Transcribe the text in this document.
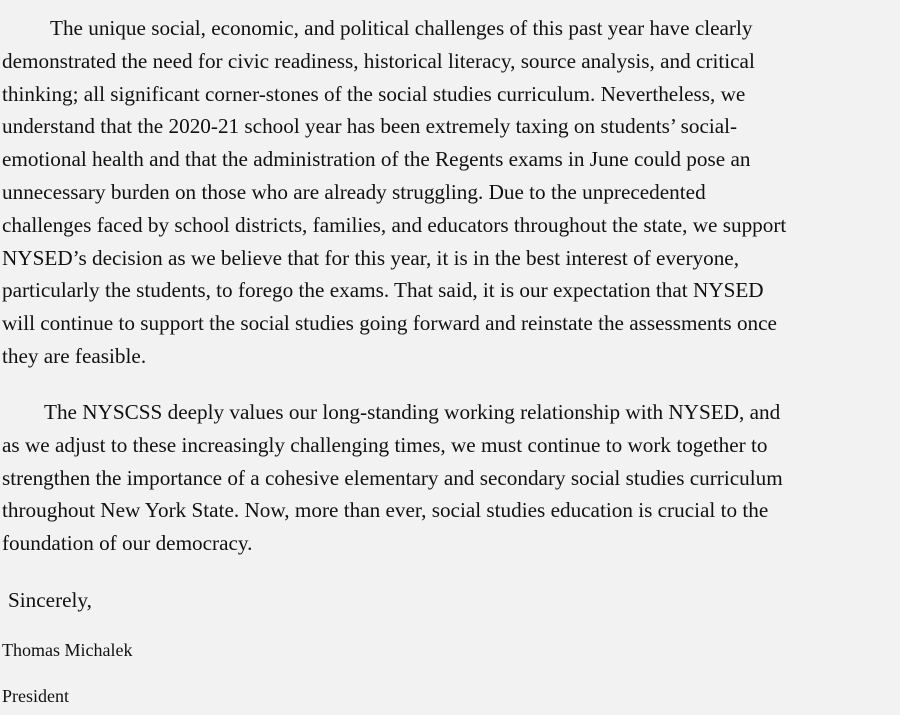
The unique social, economic, and political challenges of this past year have clearly
demonstrated the need for civic readiness, historical literacy, source analysis, and critical
thinking; all significant corner-stones of the social studies curriculum. Nevertheless, we
understand that the 2020-21 school year has been extremely taxing on students’ social-
emotional health and that the administration of the Regents exams in June could pose an
unnecessary burden on those who are already struggling. Due to the unprecedented
challenges faced by school districts, families, and educators throughout the state, we support
NYSED’s decision as we believe that for this year, it is in the best interest of everyone,
particularly the students, to forego the exams. That said, it is our expectation that NYSED
will continue to support the social studies going forward and reinstate the assessments once
they are feasible.
The NYSCSS deeply values our long-standing working relationship with NYSED, and
as we adjust to these increasingly challenging times, we must continue to work together to
strengthen the importance of a cohesive elementary and secondary social studies curriculum
throughout New York State. Now, more than ever, social studies education is crucial to the
foundation of our democracy.

Sincerely,

Thomas Michalek

President
